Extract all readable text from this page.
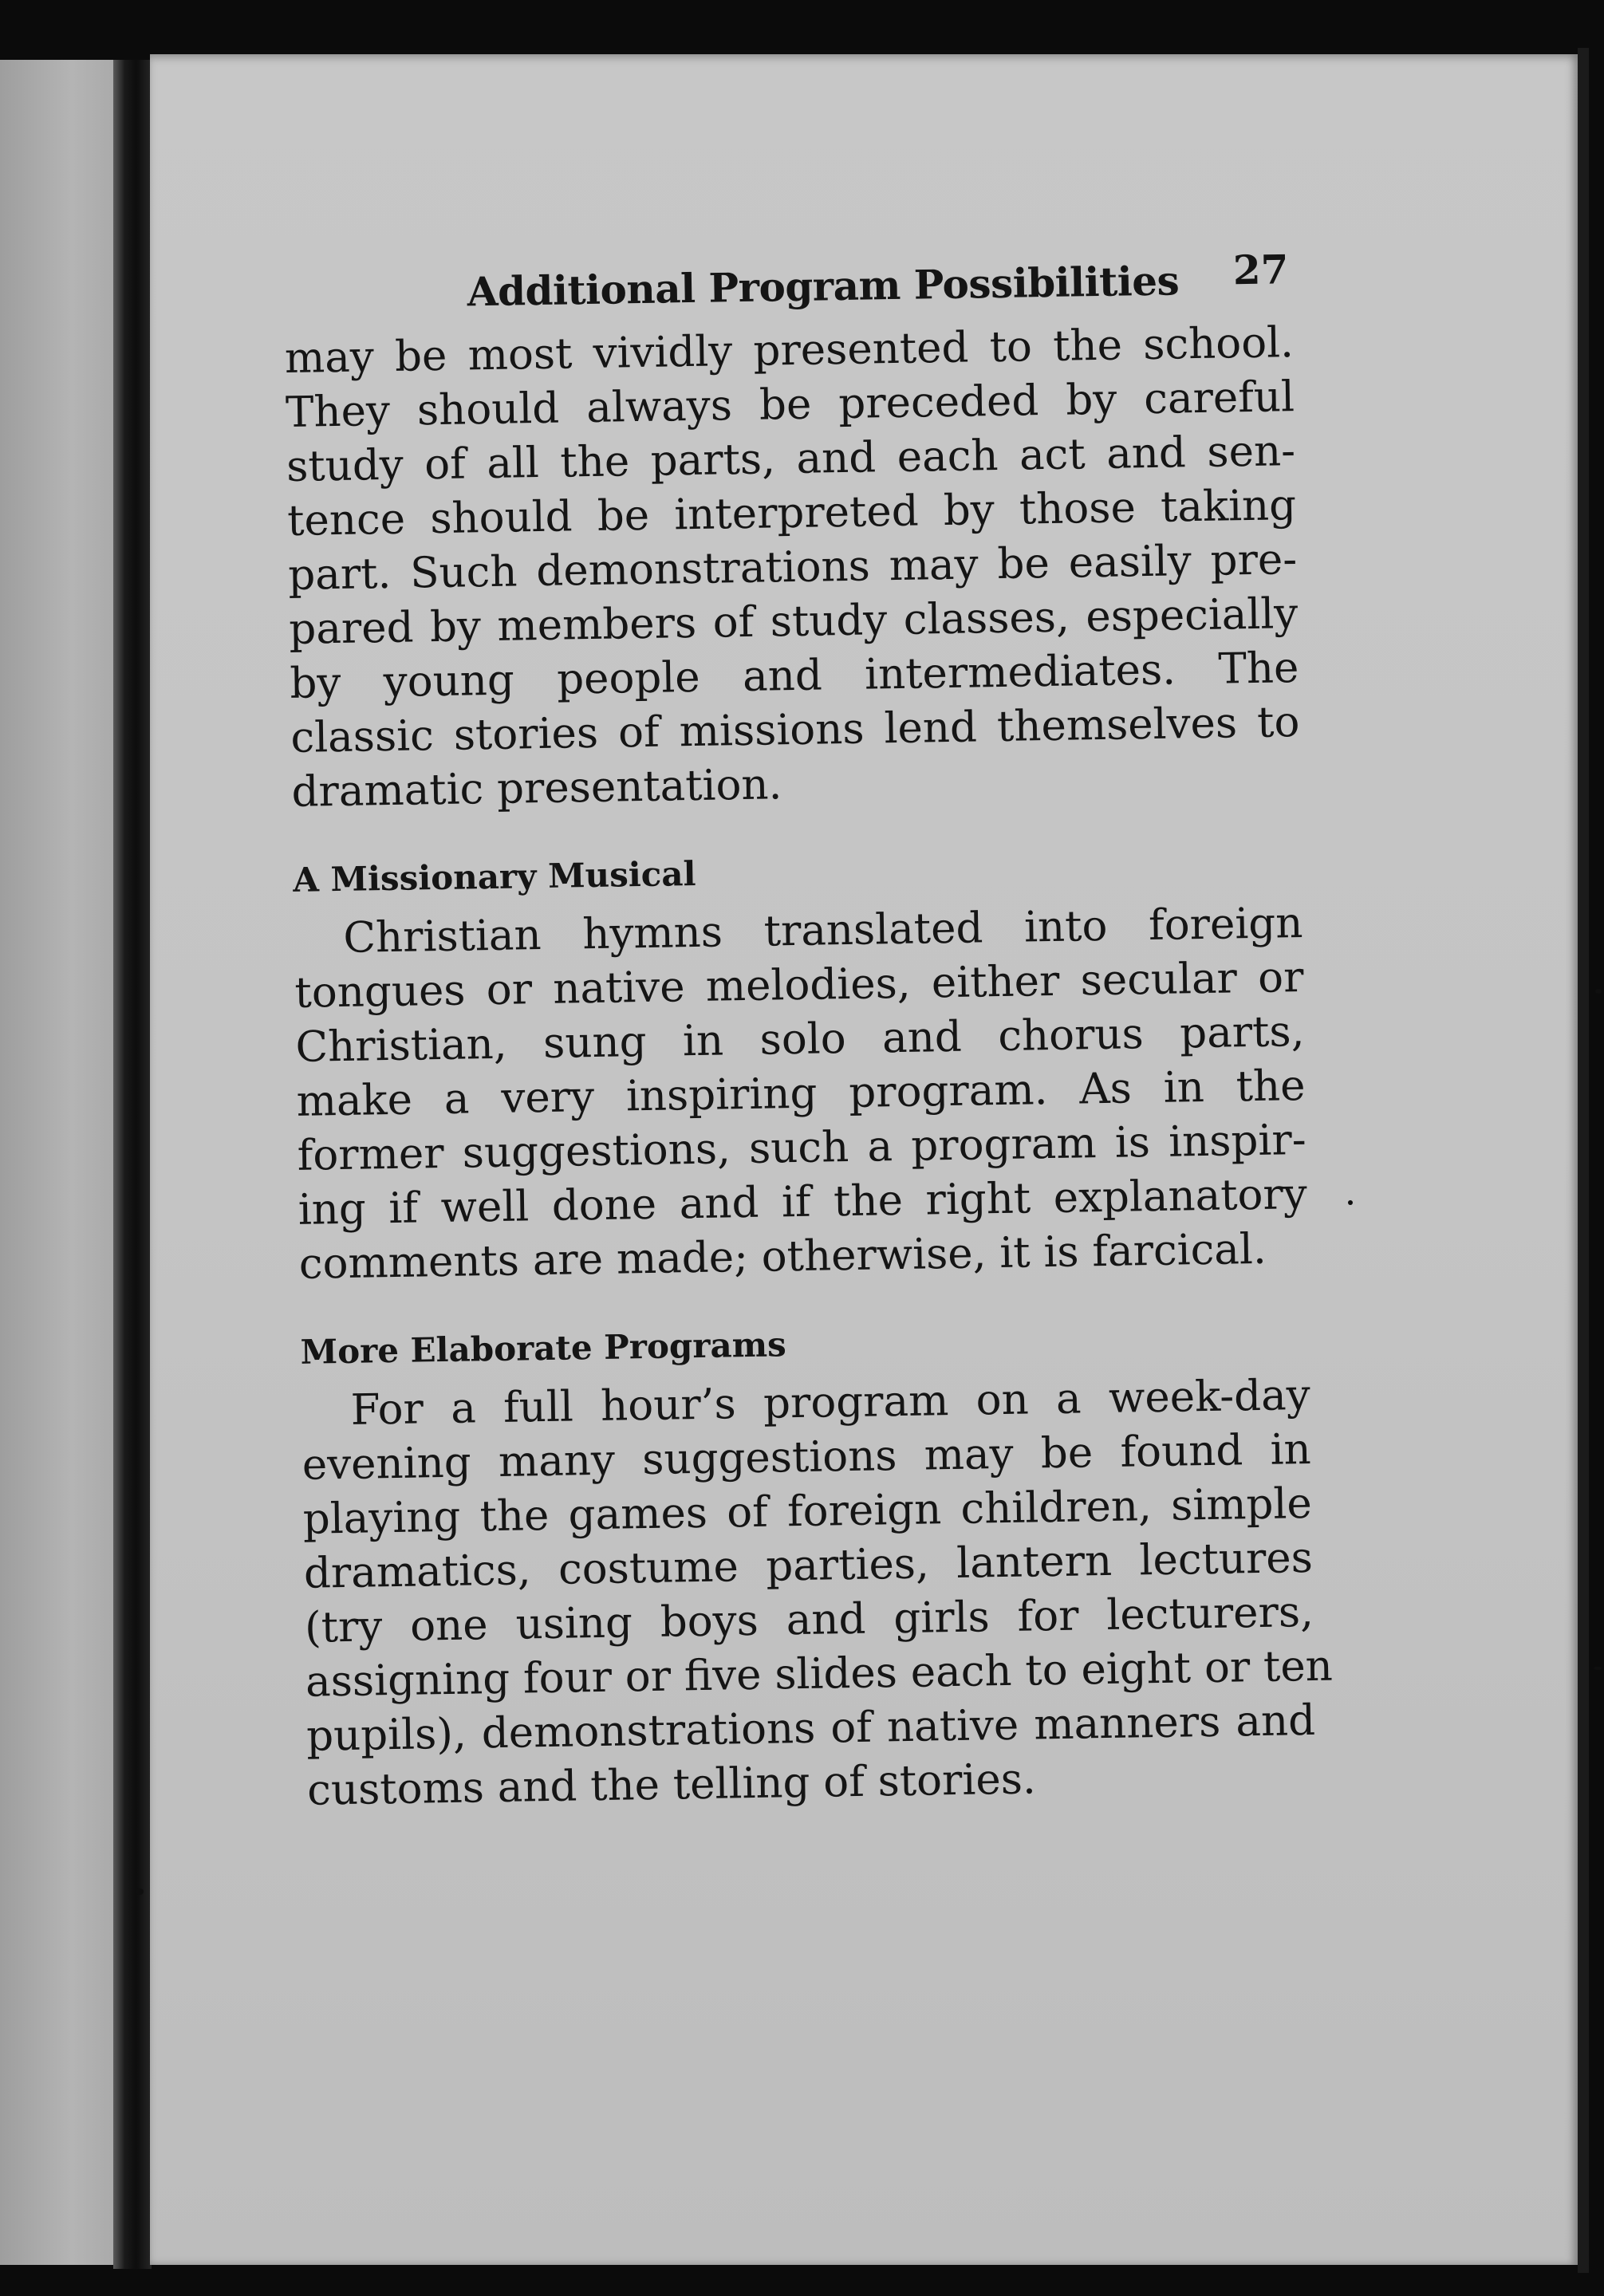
Additional Program Possibilities 27
may be most vividly presented to the school.
They should always be preceded by careful
study of all the parts, and each act and sen-
tence should be interpreted by those taking
part. Such demonstrations may be easily pre-
pared by members of study classes, especially
by young people and intermediates. The
classic stories of missions lend themselves to
dramatic presentation.
A Missionary Musical
Christian hymns translated into foreign
tongues or native melodies, either secular or
Christian, sung in solo and chorus parts,
make a very inspiring program. As in the
former suggestions, such a program is inspir-
ing if well done and if the right explanatory
comments are made; otherwise, it is farcical.
More Elaborate Programs
For a full hour’s program on a week-day
evening many suggestions may be found in
playing the games of foreign children, simple
dramatics, costume parties, lantern lectures
(try one using boys and girls for lecturers,
assigning four or five slides each to eight or ten
pupils), demonstrations of native manners and
customs and the telling of stories.
